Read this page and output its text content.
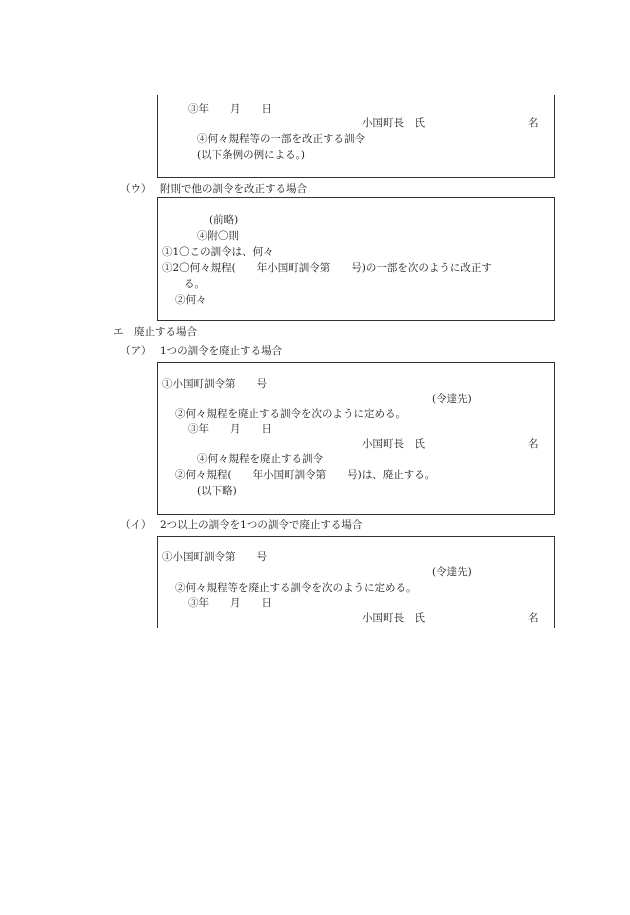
③年　　月　　日
小国町長　氏	名
④何々規程等の一部を改正する訓令
(以下条例の例による。)
（ウ） 附則で他の訓令を改正する場合
(前略)
④附〇則
①1〇この訓令は、何々
①2〇何々規程(　　年小国町訓令第　　号)の一部を次のように改正す
る。
②何々
エ 廃止する場合
（ア） 1つの訓令を廃止する場合
①小国町訓令第　　号
(令達先)
②何々規程を廃止する訓令を次のように定める。
③年　　月　　日
小国町長　氏	名
④何々規程を廃止する訓令
②何々規程(　　年小国町訓令第　　号)は、廃止する。
(以下略)
（イ） 2つ以上の訓令を1つの訓令で廃止する場合
①小国町訓令第　　号
(令達先)
②何々規程等を廃止する訓令を次のように定める。
③年　　月　　日
小国町長　氏	名
